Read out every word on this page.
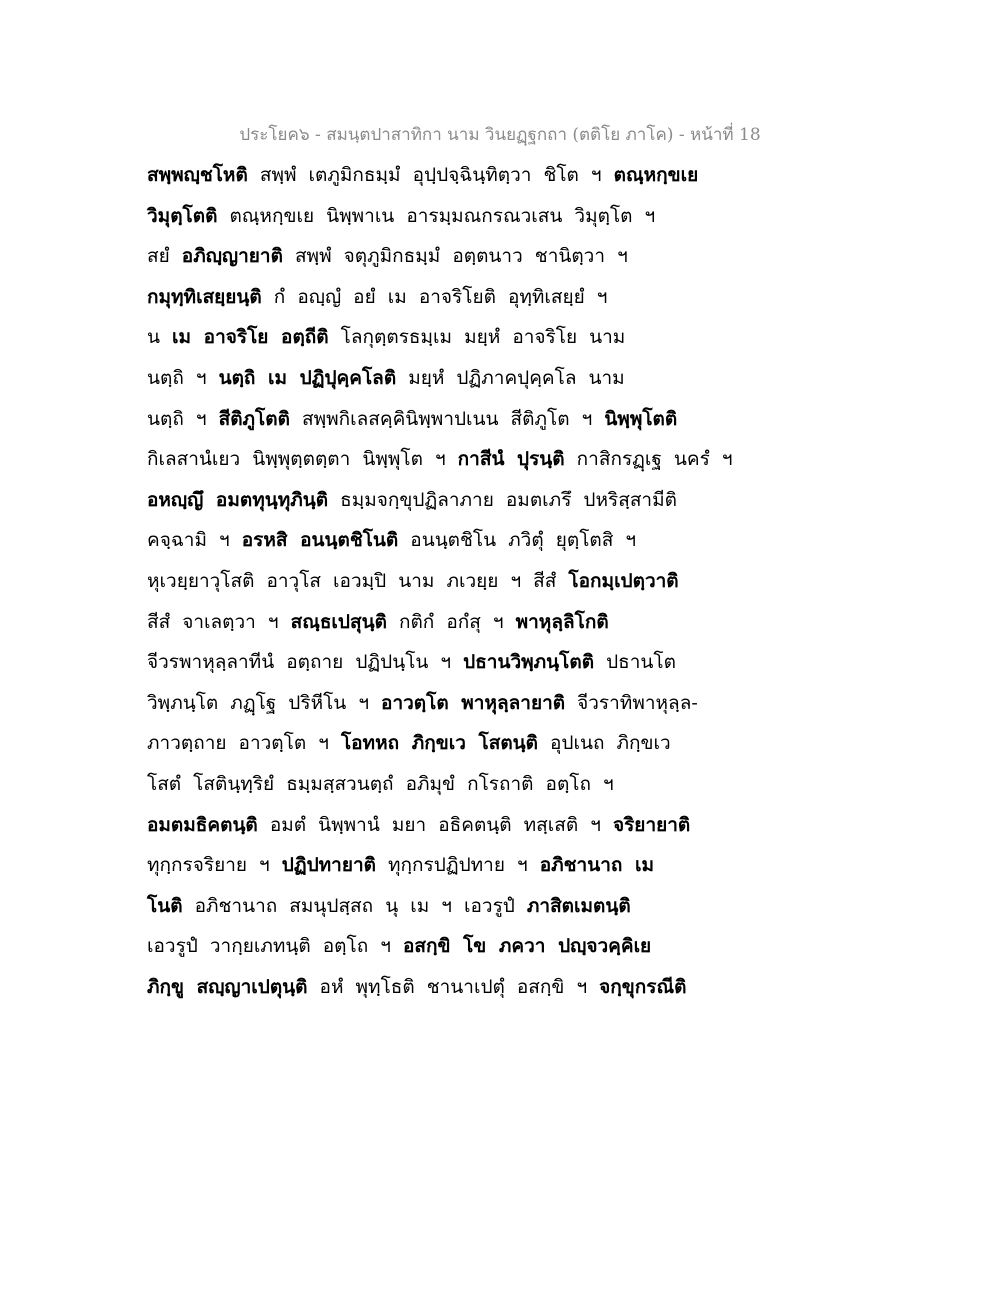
ประโยค๖ - สมนฺตปาสาทิกา นาม วินยฏฺฐกถา (ตติโย ภาโค) - หน้าที่ 18
สพฺพญฺชโหติ สพฺพํ เตภูมิกธมฺมํ อุปฺปจฺฉินฺทิตฺวา ชิโต ฯ ตณฺหกฺขเย
วิมุตฺโตติ ตณฺหกฺขเย นิพฺพาเน อารมฺมณกรณวเสน วิมุตฺโต ฯ
สยํ อภิญฺญายาติ สพฺพํ จตุภูมิกธมฺมํ อตฺตนาว ชานิตฺวา ฯ
กมุทฺทิเสยฺยนฺติ กํ อญฺญํ อยํ เม อาจริโยติ อุทฺทิเสยฺยํ ฯ
น เม อาจริโย อตฺถีติ โลกุตฺตรธมฺเม มยฺหํ อาจริโย นาม
นตฺถิ ฯ นตฺถิ เม ปฏิปุคฺคโลติ มยฺหํ ปฏิภาคปุคฺคโล นาม
นตฺถิ ฯ สีติภูโตติ สพฺพกิเลสคฺคินิพฺพาปเนน สีติภูโต ฯ นิพฺพุโตติ
กิเลสานํเยว นิพฺพุตฺตตฺตา นิพฺพุโต ฯ กาสีนํ ปุรนฺติ กาสิกรฏฺเฐ นครํ ฯ
อหญฺญึ อมตทุนฺทุภินฺติ ธมฺมจกฺขุปฏิลาภาย อมตเภรึ ปหริสฺสามีติ
คจฺฉามิ ฯ อรหสิ อนนฺตชิโนติ อนนฺตชิโน ภวิตุํ ยุตฺโตสิ ฯ
หุเวยฺยาวุโสติ อาวุโส เอวมฺปิ นาม ภเวยฺย ฯ สีสํ โอกมฺเปตฺวาติ
สีสํ จาเลตฺวา ฯ สณฺธเปสุนฺติ กติกํ อกํสุ ฯ พาหุลฺลิโกติ
จีวรพาหุลฺลาทีนํ อตฺถาย ปฏิปนฺโน ฯ ปธานวิพฺภนฺโตติ ปธานโต
วิพฺภนฺโต ภฏฺโฐ ปริหีโน ฯ อาวตฺโต พาหุลฺลายาติ จีวราทิพาหุลฺล-
ภาวตฺถาย อาวตฺโต ฯ โอทหถ ภิกฺขเว โสตนฺติ อุปเนถ ภิกฺขเว
โสตํ โสตินฺทฺริยํ ธมฺมสฺสวนตฺถํ อภิมุขํ กโรถาติ อตฺโถ ฯ
อมตมธิคตนฺติ อมตํ นิพฺพานํ มยา อธิคตนฺติ ทสฺเสติ ฯ จริยายาติ
ทุกฺกรจริยาย ฯ ปฏิปทายาติ ทุกฺกรปฏิปทาย ฯ อภิชานาถ เม
โนติ อภิชานาถ สมนุปสฺสถ นุ เม ฯ เอวรูปํ ภาสิตเมตนฺติ
เอวรูปํ วากฺยเภทนฺติ อตฺโถ ฯ อสกฺขิ โข ภควา ปญฺจวคฺคิเย
ภิกฺขู สญฺญาเปตุนฺติ อหํ พุทฺโธติ ชานาเปตุํ อสกฺขิ ฯ จกฺขุกรณีติ
